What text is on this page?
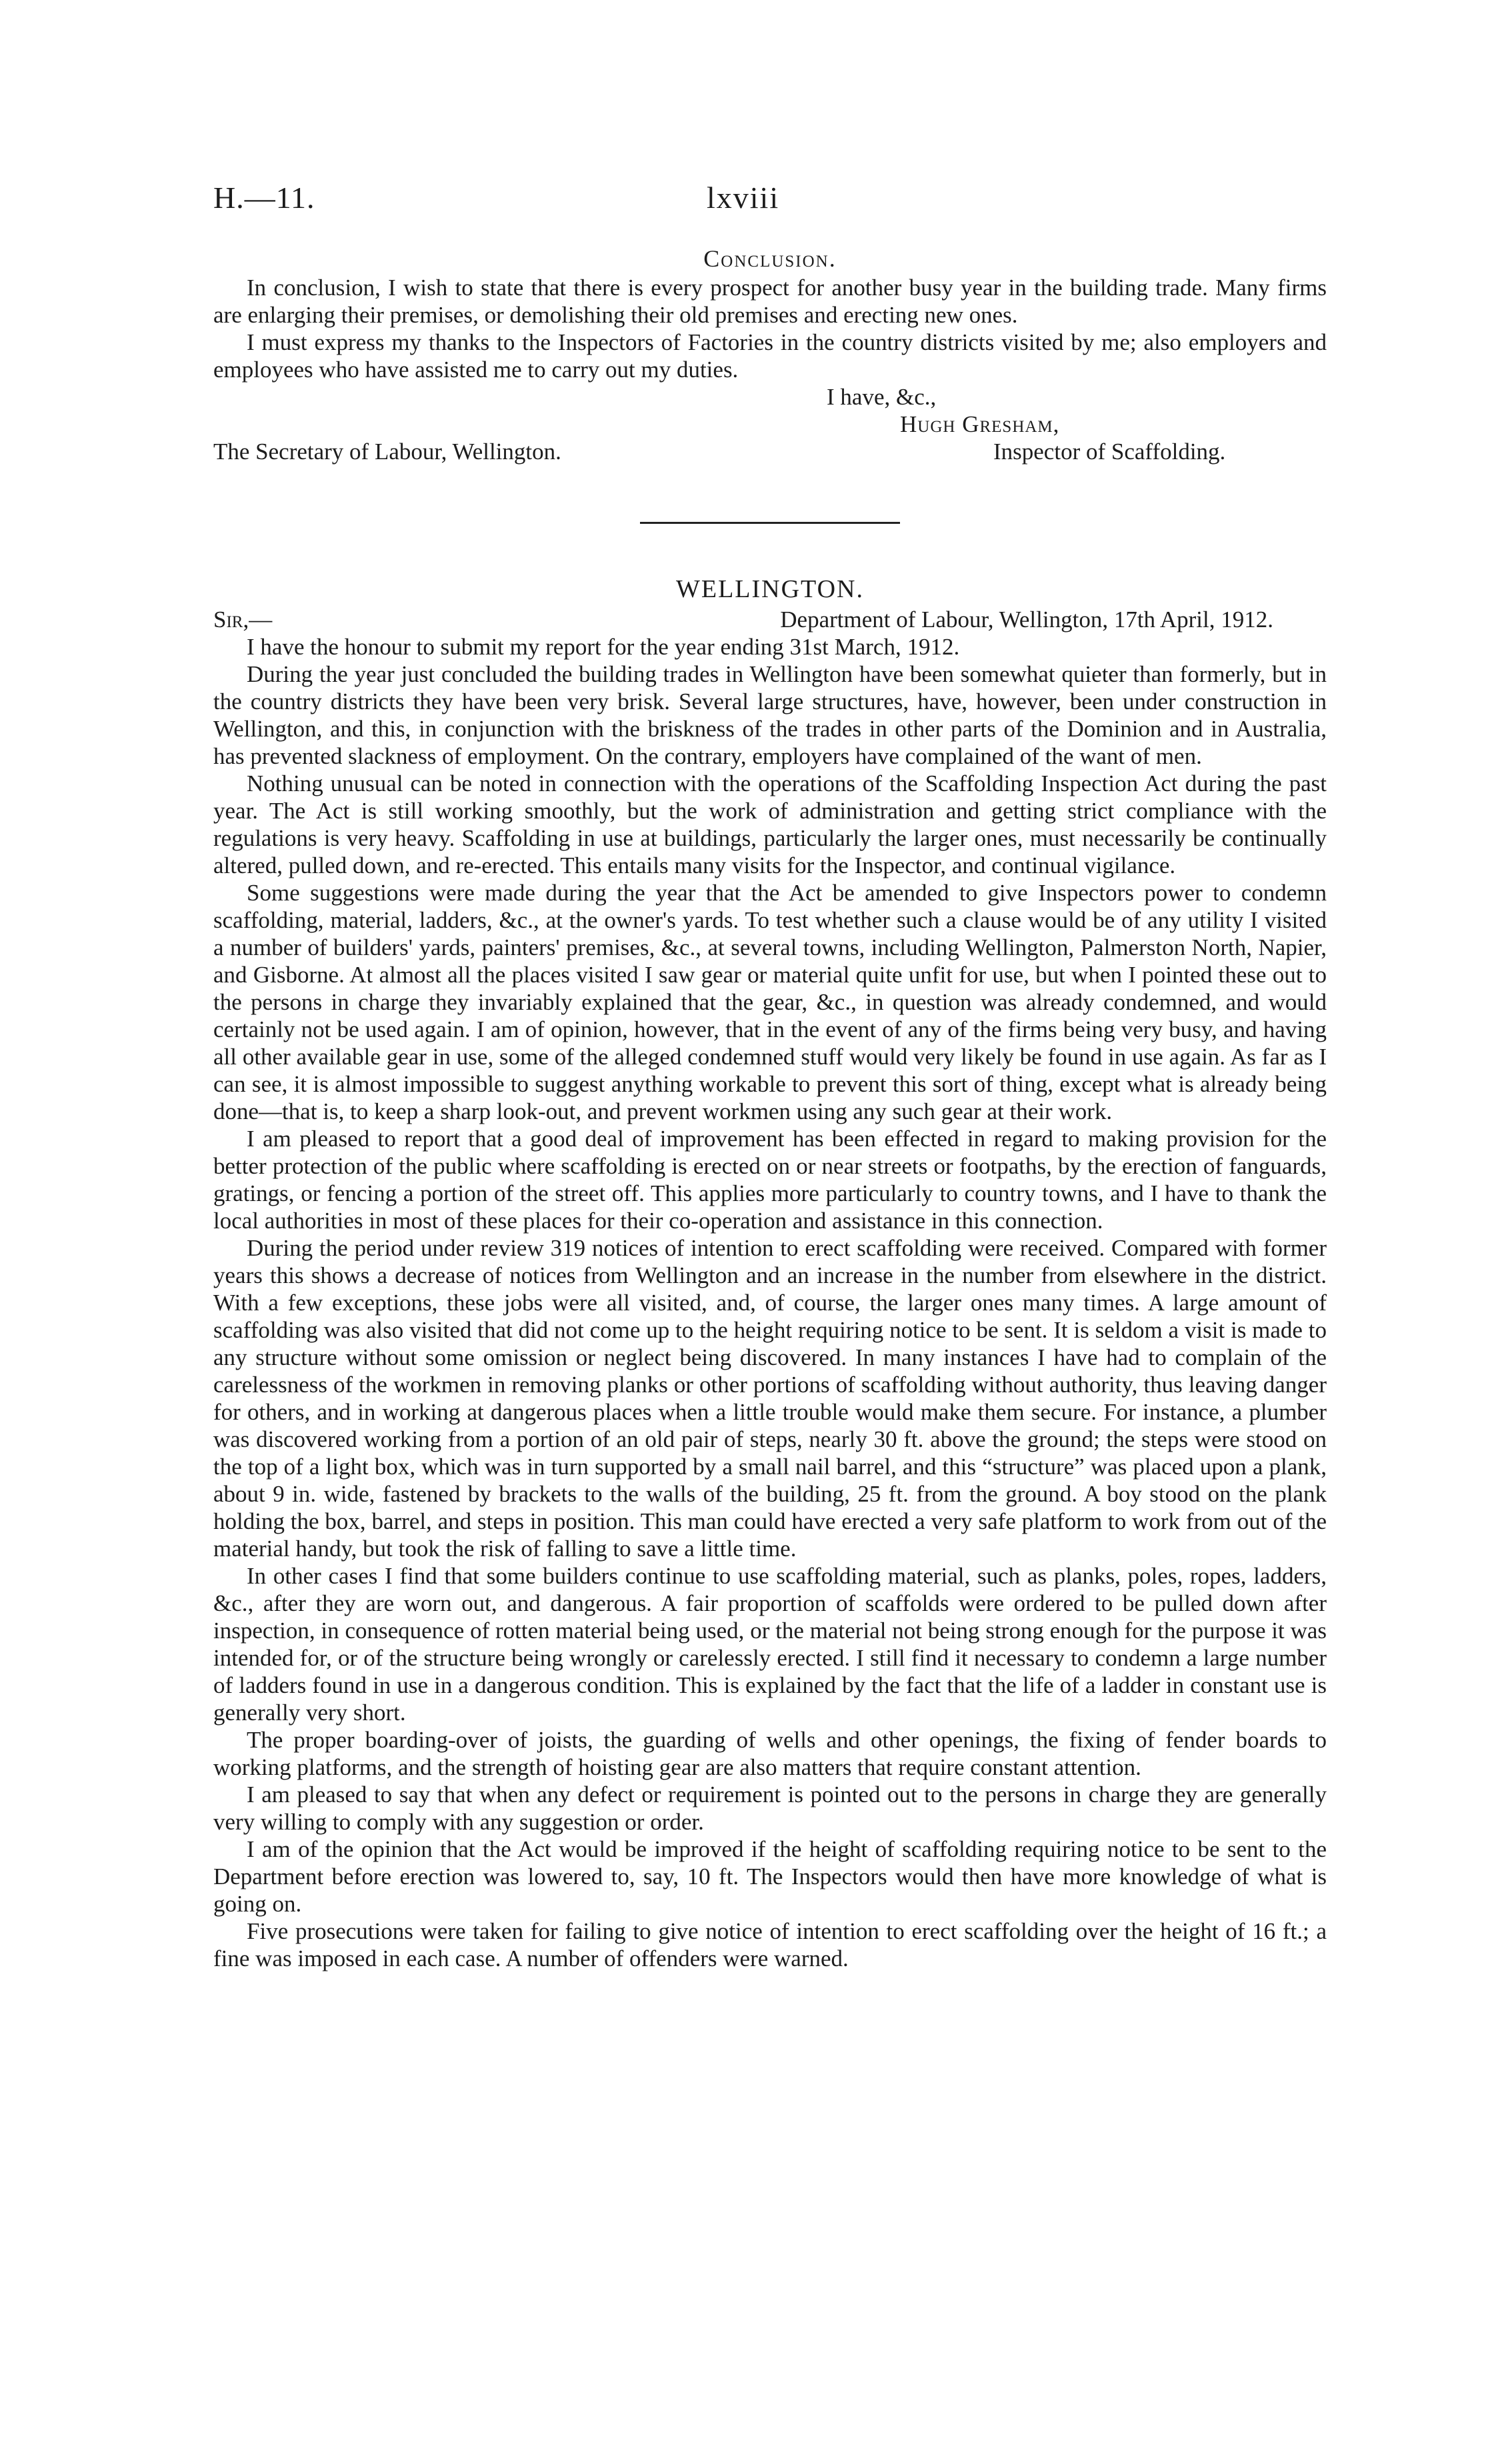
H.—11.	lxviii
Conclusion.

In conclusion, I wish to state that there is every prospect for another busy year in the building trade. Many firms are enlarging their premises, or demolishing their old premises and erecting new ones.

I must express my thanks to the Inspectors of Factories in the country districts visited by me; also employers and employees who have assisted me to carry out my duties.

I have, &c.,
Hugh Gresham,
The Secretary of Labour, Wellington.	Inspector of Scaffolding.
WELLINGTON.
Sir,—	Department of Labour, Wellington, 17th April, 1912.

I have the honour to submit my report for the year ending 31st March, 1912.

During the year just concluded the building trades in Wellington have been somewhat quieter than formerly, but in the country districts they have been very brisk. Several large structures, have, however, been under construction in Wellington, and this, in conjunction with the briskness of the trades in other parts of the Dominion and in Australia, has prevented slackness of employment. On the contrary, employers have complained of the want of men.

Nothing unusual can be noted in connection with the operations of the Scaffolding Inspection Act during the past year. The Act is still working smoothly, but the work of administration and getting strict compliance with the regulations is very heavy. Scaffolding in use at buildings, particularly the larger ones, must necessarily be continually altered, pulled down, and re-erected. This entails many visits for the Inspector, and continual vigilance.

Some suggestions were made during the year that the Act be amended to give Inspectors power to condemn scaffolding, material, ladders, &c., at the owner's yards. To test whether such a clause would be of any utility I visited a number of builders' yards, painters' premises, &c., at several towns, including Wellington, Palmerston North, Napier, and Gisborne. At almost all the places visited I saw gear or material quite unfit for use, but when I pointed these out to the persons in charge they invariably explained that the gear, &c., in question was already condemned, and would certainly not be used again. I am of opinion, however, that in the event of any of the firms being very busy, and having all other available gear in use, some of the alleged condemned stuff would very likely be found in use again. As far as I can see, it is almost impossible to suggest anything workable to prevent this sort of thing, except what is already being done—that is, to keep a sharp look-out, and prevent workmen using any such gear at their work.

I am pleased to report that a good deal of improvement has been effected in regard to making provision for the better protection of the public where scaffolding is erected on or near streets or footpaths, by the erection of fanguards, gratings, or fencing a portion of the street off. This applies more particularly to country towns, and I have to thank the local authorities in most of these places for their co-operation and assistance in this connection.

During the period under review 319 notices of intention to erect scaffolding were received. Compared with former years this shows a decrease of notices from Wellington and an increase in the number from elsewhere in the district. With a few exceptions, these jobs were all visited, and, of course, the larger ones many times. A large amount of scaffolding was also visited that did not come up to the height requiring notice to be sent. It is seldom a visit is made to any structure without some omission or neglect being discovered. In many instances I have had to complain of the carelessness of the workmen in removing planks or other portions of scaffolding without authority, thus leaving danger for others, and in working at dangerous places when a little trouble would make them secure. For instance, a plumber was discovered working from a portion of an old pair of steps, nearly 30 ft. above the ground; the steps were stood on the top of a light box, which was in turn supported by a small nail barrel, and this “structure” was placed upon a plank, about 9 in. wide, fastened by brackets to the walls of the building, 25 ft. from the ground. A boy stood on the plank holding the box, barrel, and steps in position. This man could have erected a very safe platform to work from out of the material handy, but took the risk of falling to save a little time.

In other cases I find that some builders continue to use scaffolding material, such as planks, poles, ropes, ladders, &c., after they are worn out, and dangerous. A fair proportion of scaffolds were ordered to be pulled down after inspection, in consequence of rotten material being used, or the material not being strong enough for the purpose it was intended for, or of the structure being wrongly or carelessly erected. I still find it necessary to condemn a large number of ladders found in use in a dangerous condition. This is explained by the fact that the life of a ladder in constant use is generally very short.

The proper boarding-over of joists, the guarding of wells and other openings, the fixing of fender boards to working platforms, and the strength of hoisting gear are also matters that require constant attention.

I am pleased to say that when any defect or requirement is pointed out to the persons in charge they are generally very willing to comply with any suggestion or order.

I am of the opinion that the Act would be improved if the height of scaffolding requiring notice to be sent to the Department before erection was lowered to, say, 10 ft. The Inspectors would then have more knowledge of what is going on.

Five prosecutions were taken for failing to give notice of intention to erect scaffolding over the height of 16 ft.; a fine was imposed in each case. A number of offenders were warned.
